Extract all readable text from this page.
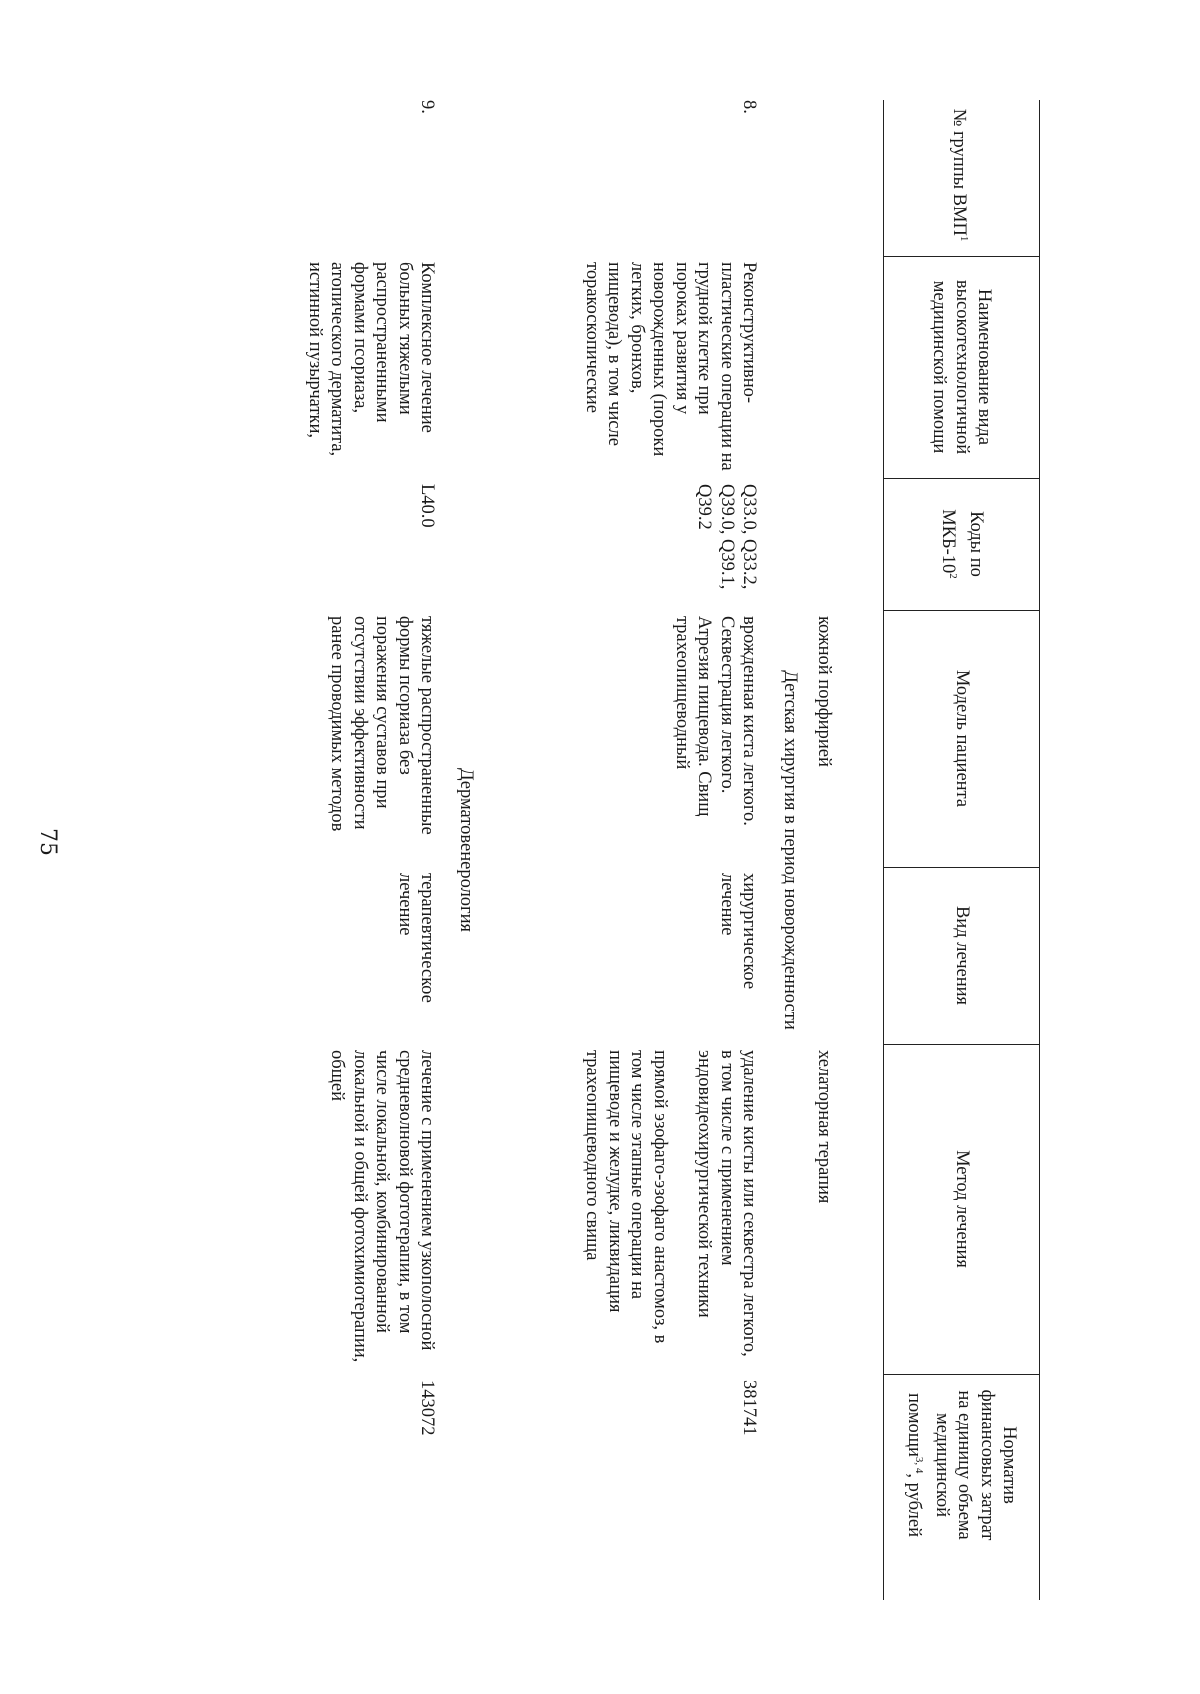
75
№ группы ВМП$^1$
Наименование вида высокотехнологичной медицинской помощи
Коды по МКБ-$10^2$
Модель пациента
Вид лечения
Метод лечения
Норматив финансовых затрат на единицу объема медицинской помощи$^{3, 4}$, рублей
кожной порфирией
хелаторная терапия
Детская хирургия в период новорожденности
8.
Реконструктивно-пластические операции на грудной клетке при пороках развития у новорожденных (пороки легких, бронхов, пищевода), в том числе торакоскопические
Q33.0, Q33.2, Q39.0, Q39.1, Q39.2
врожденная киста легкого. Секвестрация легкого. Атрезия пищевода. Свищ трахеопищеводный
хирургическое лечение

удаление кисты или секвестра легкого, в том числе с применением эндовидеохирургической техники

прямой эзофаго-эзофаго анастомоз, в том числе этапные операции на пищеводе и желудке, ликвидация трахеопищеводного свища

381741
Дерматовенерология
9.
Комплексное лечение больных тяжелыми распространенными формами псориаза, атопического дерматита, истинной пузырчатки,
L40.0
тяжелые распространенные формы псориаза без поражения суставов при отсутствии эффективности ранее проводимых методов
терапевтическое лечение
лечение с применением узкополосной средневолновой фототерапии, в том числе локальной, комбинированной локальной и общей фотохимиотерапии, общей
143072
